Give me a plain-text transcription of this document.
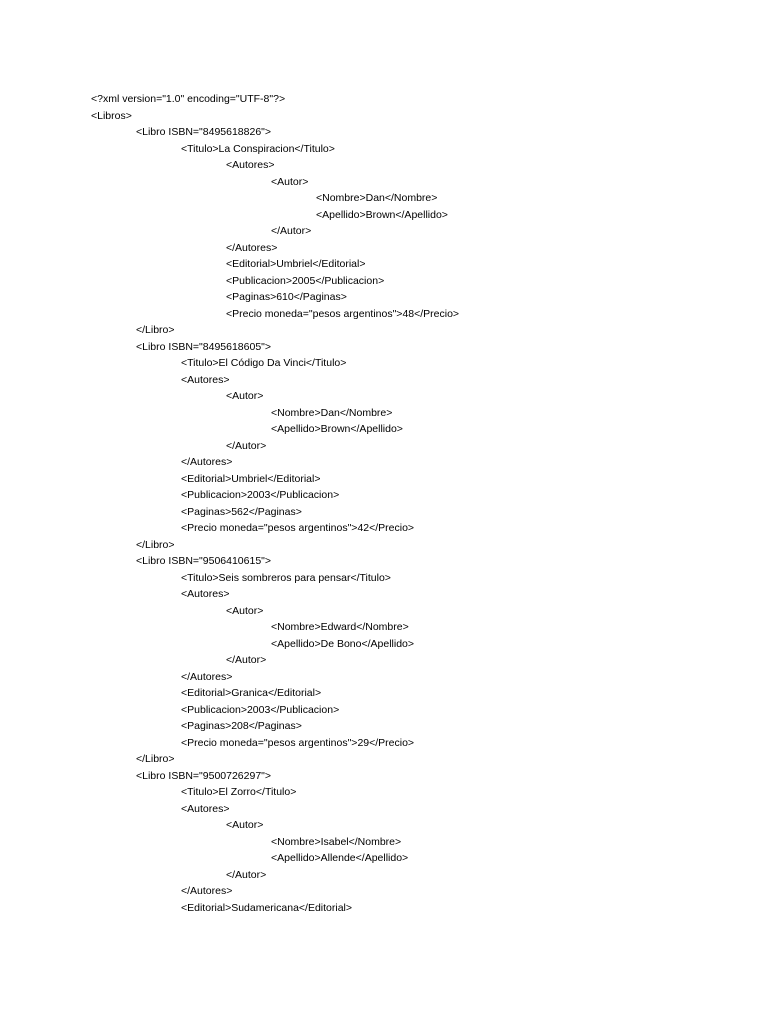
<?xml version="1.0" encoding="UTF-8"?>
<Libros>
<Libro ISBN="8495618826">
<Titulo>La Conspiracion</Titulo>
<Autores>
<Autor>
<Nombre>Dan</Nombre>
<Apellido>Brown</Apellido>
</Autor>
</Autores>
<Editorial>Umbriel</Editorial>
<Publicacion>2005</Publicacion>
<Paginas>610</Paginas>
<Precio moneda="pesos argentinos">48</Precio>
</Libro>
<Libro ISBN="8495618605">
<Titulo>El Código Da Vinci</Titulo>
<Autores>
<Autor>
<Nombre>Dan</Nombre>
<Apellido>Brown</Apellido>
</Autor>
</Autores>
<Editorial>Umbriel</Editorial>
<Publicacion>2003</Publicacion>
<Paginas>562</Paginas>
<Precio moneda="pesos argentinos">42</Precio>
</Libro>
<Libro ISBN="9506410615">
<Titulo>Seis sombreros para pensar</Titulo>
<Autores>
<Autor>
<Nombre>Edward</Nombre>
<Apellido>De Bono</Apellido>
</Autor>
</Autores>
<Editorial>Granica</Editorial>
<Publicacion>2003</Publicacion>
<Paginas>208</Paginas>
<Precio moneda="pesos argentinos">29</Precio>
</Libro>
<Libro ISBN="9500726297">
<Titulo>El Zorro</Titulo>
<Autores>
<Autor>
<Nombre>Isabel</Nombre>
<Apellido>Allende</Apellido>
</Autor>
</Autores>
<Editorial>Sudamericana</Editorial>
